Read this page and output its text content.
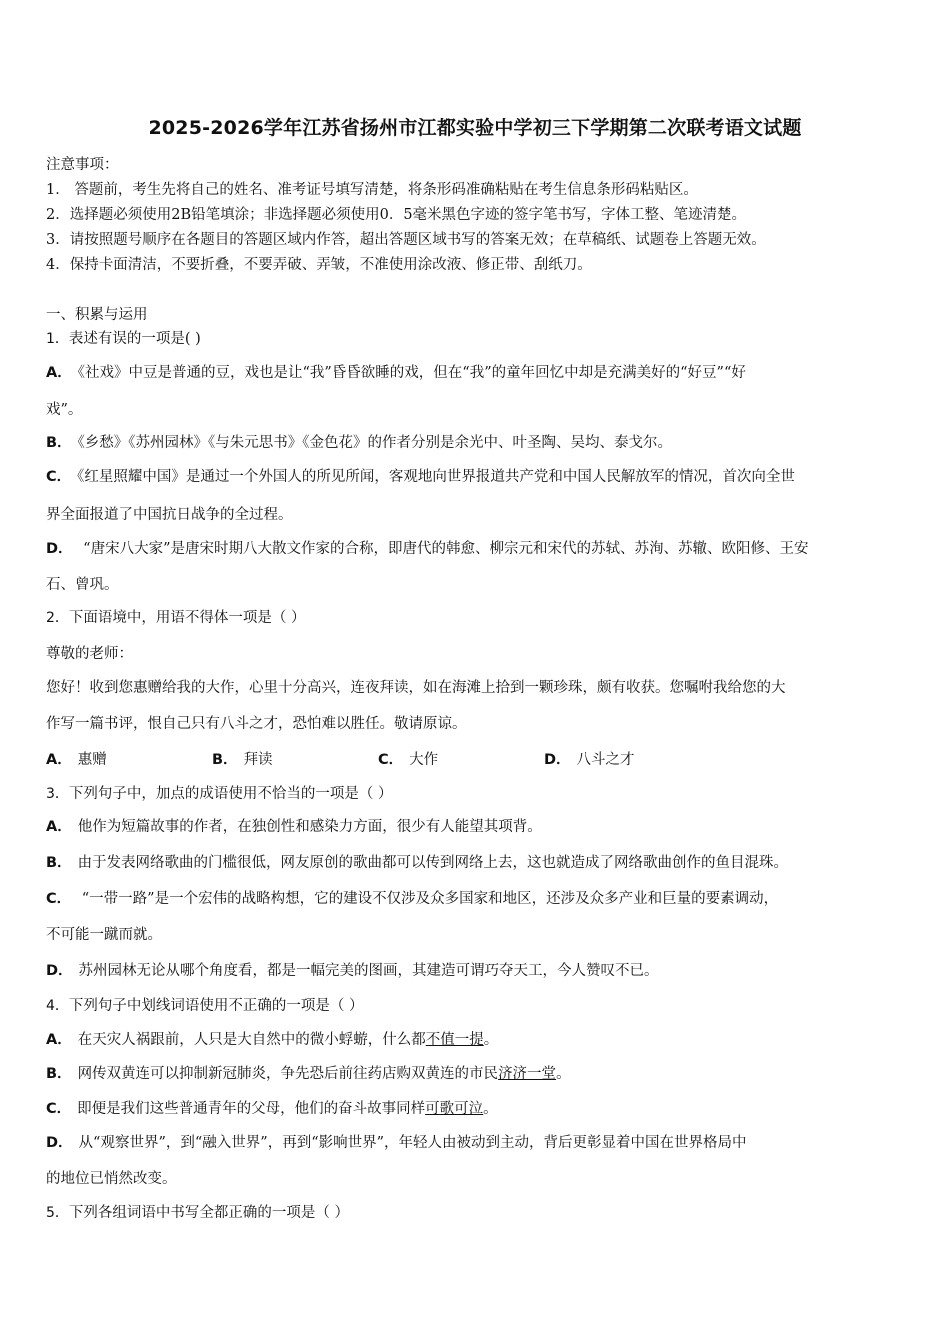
2025-2026学年江苏省扬州市江都实验中学初三下学期第二次联考语文试题
注意事项：
1． 答题前，考生先将自己的姓名、准考证号填写清楚，将条形码准确粘贴在考生信息条形码粘贴区。
2．选择题必须使用2B铅笔填涂；非选择题必须使用0．5毫米黑色字迹的签字笔书写，字体工整、笔迹清楚。
3．请按照题号顺序在各题目的答题区域内作答，超出答题区域书写的答案无效；在草稿纸、试题卷上答题无效。
4．保持卡面清洁，不要折叠，不要弄破、弄皱，不准使用涂改液、修正带、刮纸刀。
一、积累与运用
1．表述有误的一项是( )
A． 《社戏》中豆是普通的豆，戏也是让“我”昏昏欲睡的戏，但在“我”的童年回忆中却是充满美好的“好豆”“好
戏”。
B． 《乡愁》《苏州园林》《与朱元思书》《金色花》的作者分别是余光中、叶圣陶、吴均、泰戈尔。
C． 《红星照耀中国》是通过一个外国人的所见所闻，客观地向世界报道共产党和中国人民解放军的情况，首次向全世
界全面报道了中国抗日战争的全过程。
D． “唐宋八大家”是唐宋时期八大散文作家的合称，即唐代的韩愈、柳宗元和宋代的苏轼、苏洵、苏辙、欧阳修、王安
石、曾巩。
2．下面语境中，用语不得体一项是（ ）
尊敬的老师：
您好！收到您惠赠给我的大作，心里十分高兴，连夜拜读，如在海滩上拾到一颗珍珠，颇有收获。您嘱咐我给您的大
作写一篇书评，恨自己只有八斗之才，恐怕难以胜任。敬请原谅。
A． 惠赠	B． 拜读	C． 大作	D． 八斗之才
3．下列句子中，加点的成语使用不恰当的一项是（ ）
A． 他作为短篇故事的作者，在独创性和感染力方面，很少有人能望其项背。
B． 由于发表网络歌曲的门槛很低，网友原创的歌曲都可以传到网络上去，这也就造成了网络歌曲创作的鱼目混珠。
C． “一带一路”是一个宏伟的战略构想，它的建设不仅涉及众多国家和地区，还涉及众多产业和巨量的要素调动，
不可能一蹴而就。
D． 苏州园林无论从哪个角度看，都是一幅完美的图画，其建造可谓巧夺天工，今人赞叹不已。
4．下列句子中划线词语使用不正确的一项是（ ）
A． 在天灾人祸跟前，人只是大自然中的微小蜉蝣，什么都不值一提。
B． 网传双黄连可以抑制新冠肺炎，争先恐后前往药店购双黄连的市民济济一堂。
C． 即便是我们这些普通青年的父母，他们的奋斗故事同样可歌可泣。
D． 从“观察世界”，到“融入世界”，再到“影响世界”，年轻人由被动到主动，背后更彰显着中国在世界格局中
的地位已悄然改变。
5．下列各组词语中书写全都正确的一项是（ ）
